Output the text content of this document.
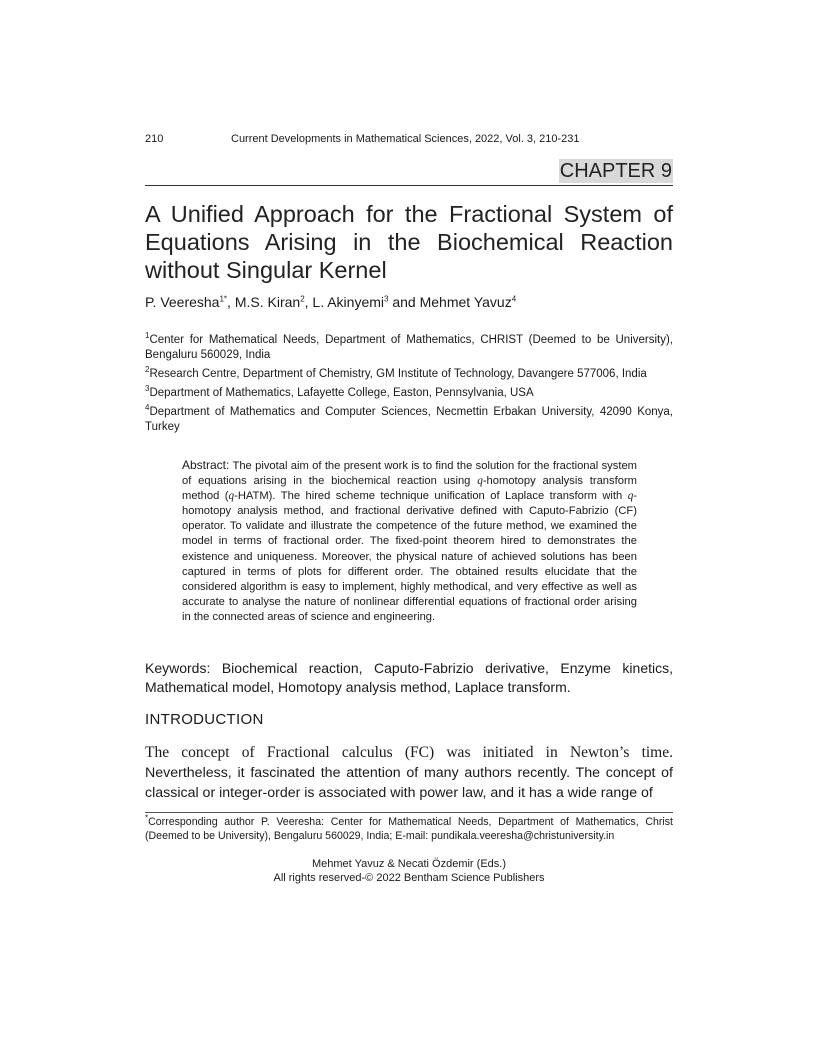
210	Current Developments in Mathematical Sciences, 2022, Vol. 3, 210-231
CHAPTER 9
A Unified Approach for the Fractional System of
Equations Arising in the Biochemical Reaction
without Singular Kernel
P. Veeresha$^{1*}$, M.S. Kiran$^2$, L. Akinyemi$^3$ and Mehmet Yavuz$^4$

$^1$Center for Mathematical Needs, Department of Mathematics, CHRIST (Deemed to be University), Bengaluru 560029, India

$^2$Research Centre, Department of Chemistry, GM Institute of Technology, Davangere 577006, India

$^3$Department of Mathematics, Lafayette College, Easton, Pennsylvania, USA

$^4$Department of Mathematics and Computer Sciences, Necmettin Erbakan University, 42090 Konya, Turkey

Abstract: The pivotal aim of the present work is to find the solution for the fractional system of equations arising in the biochemical reaction using q-homotopy analysis transform method (q-HATM). The hired scheme technique unification of Laplace transform with q-homotopy analysis method, and fractional derivative defined with Caputo-Fabrizio (CF) operator. To validate and illustrate the competence of the future method, we examined the model in terms of fractional order. The fixed-point theorem hired to demonstrates the existence and uniqueness. Moreover, the physical nature of achieved solutions has been captured in terms of plots for different order. The obtained results elucidate that the considered algorithm is easy to implement, highly methodical, and very effective as well as accurate to analyse the nature of nonlinear differential equations of fractional order arising in the connected areas of science and engineering.
Keywords: Biochemical reaction, Caputo-Fabrizio derivative, Enzyme kinetics, Mathematical model, Homotopy analysis method, Laplace transform.
INTRODUCTION
The concept of Fractional calculus (FC) was initiated in Newton’s time. Nevertheless, it fascinated the attention of many authors recently. The concept of classical or integer-order is associated with power law, and it has a wide range of
*Corresponding author P. Veeresha: Center for Mathematical Needs, Department of Mathematics, Christ (Deemed to be University), Bengaluru 560029, India; E-mail: pundikala.veeresha@christuniversity.in
Mehmet Yavuz & Necati Özdemir (Eds.)
All rights reserved-© 2022 Bentham Science Publishers
